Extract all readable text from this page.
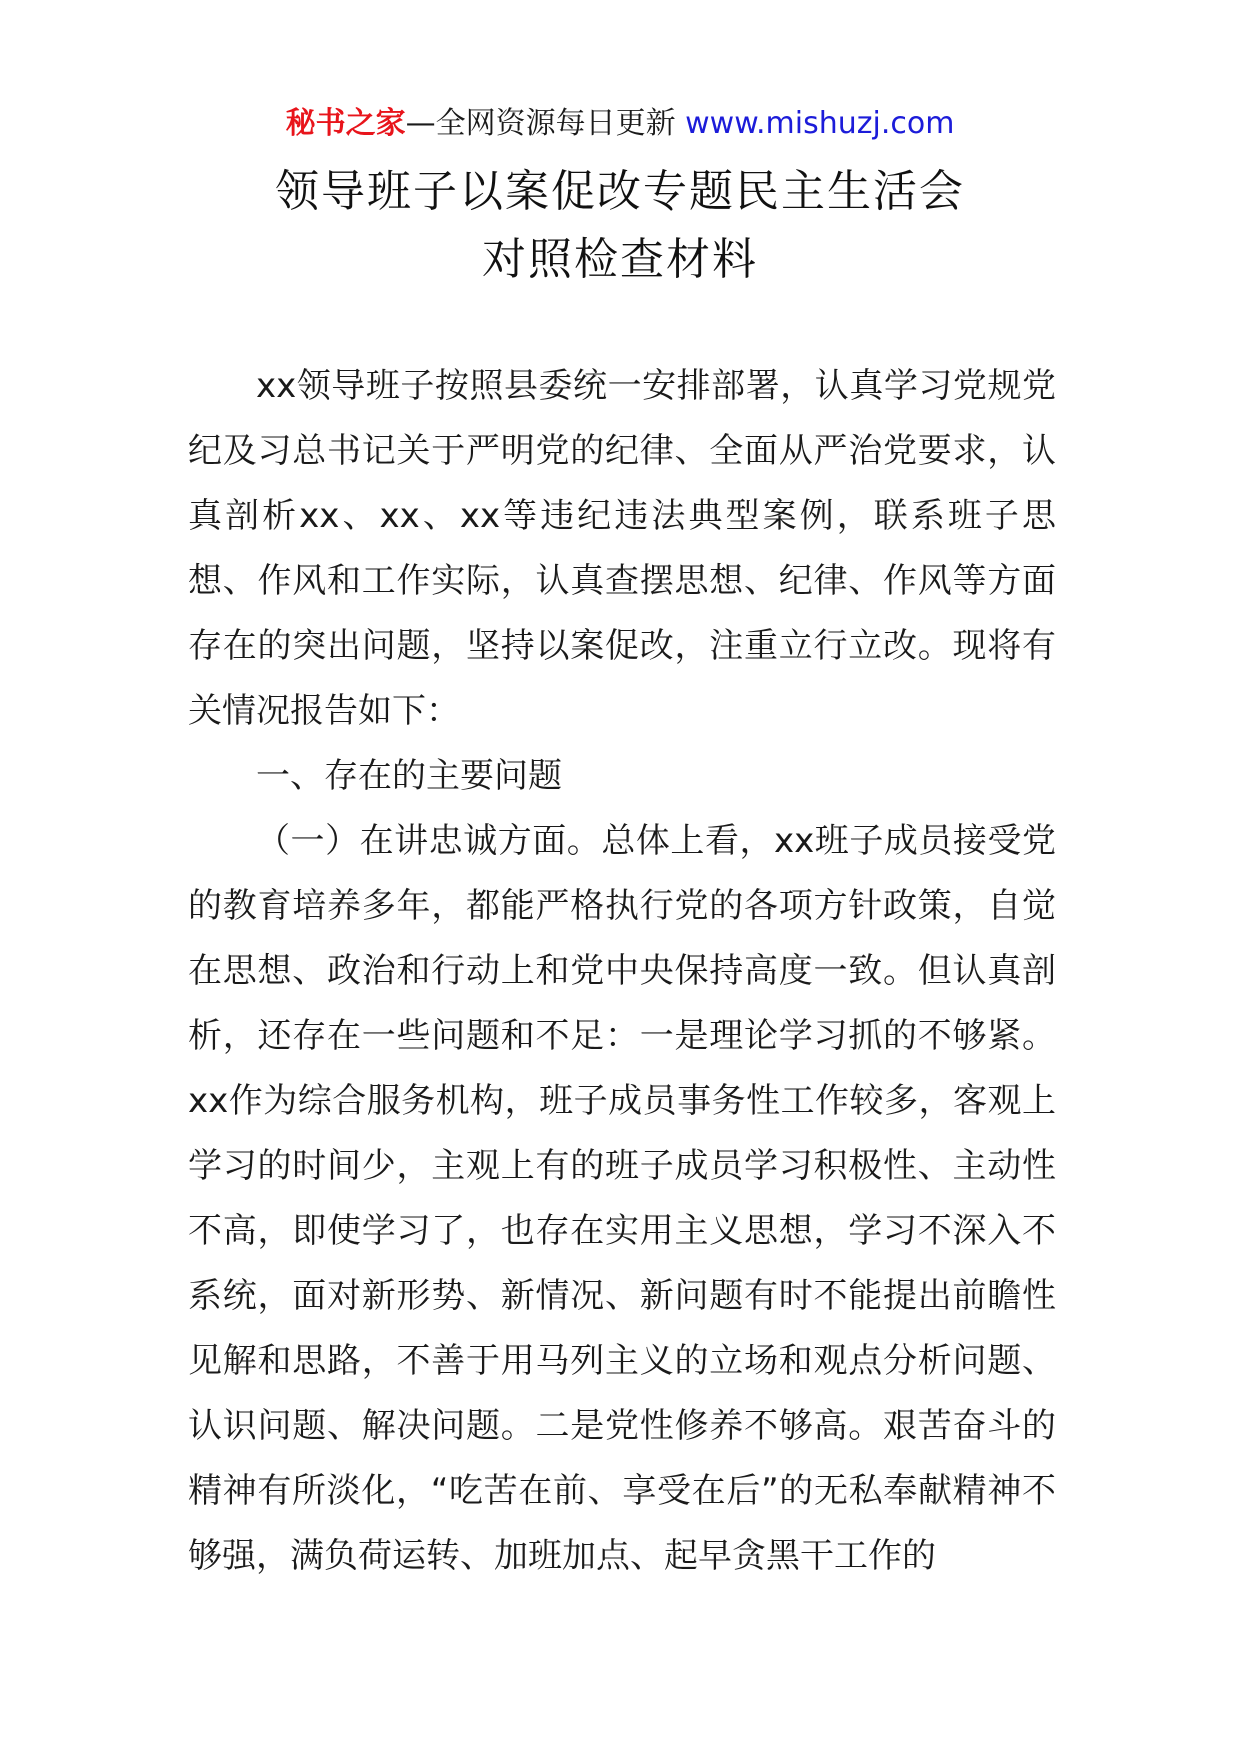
秘书之家—全网资源每日更新 www.mishuzj.com
领导班子以案促改专题民主生活会
对照检查材料

xx领导班子按照县委统一安排部署，认真学习党规党纪及习总书记关于严明党的纪律、全面从严治党要求，认真剖析xx、xx、xx等违纪违法典型案例，联系班子思想、作风和工作实际，认真查摆思想、纪律、作风等方面存在的突出问题，坚持以案促改，注重立行立改。现将有关情况报告如下：

一、存在的主要问题

（一）在讲忠诚方面。总体上看，xx班子成员接受党的教育培养多年，都能严格执行党的各项方针政策，自觉在思想、政治和行动上和党中央保持高度一致。但认真剖析，还存在一些问题和不足：一是理论学习抓的不够紧。xx作为综合服务机构，班子成员事务性工作较多，客观上学习的时间少，主观上有的班子成员学习积极性、主动性不高，即使学习了，也存在实用主义思想，学习不深入不系统，面对新形势、新情况、新问题有时不能提出前瞻性见解和思路，不善于用马列主义的立场和观点分析问题、认识问题、解决问题。二是党性修养不够高。艰苦奋斗的精神有所淡化，“吃苦在前、享受在后”的无私奉献精神不够强，满负荷运转、加班加点、起早贪黑干工作的
